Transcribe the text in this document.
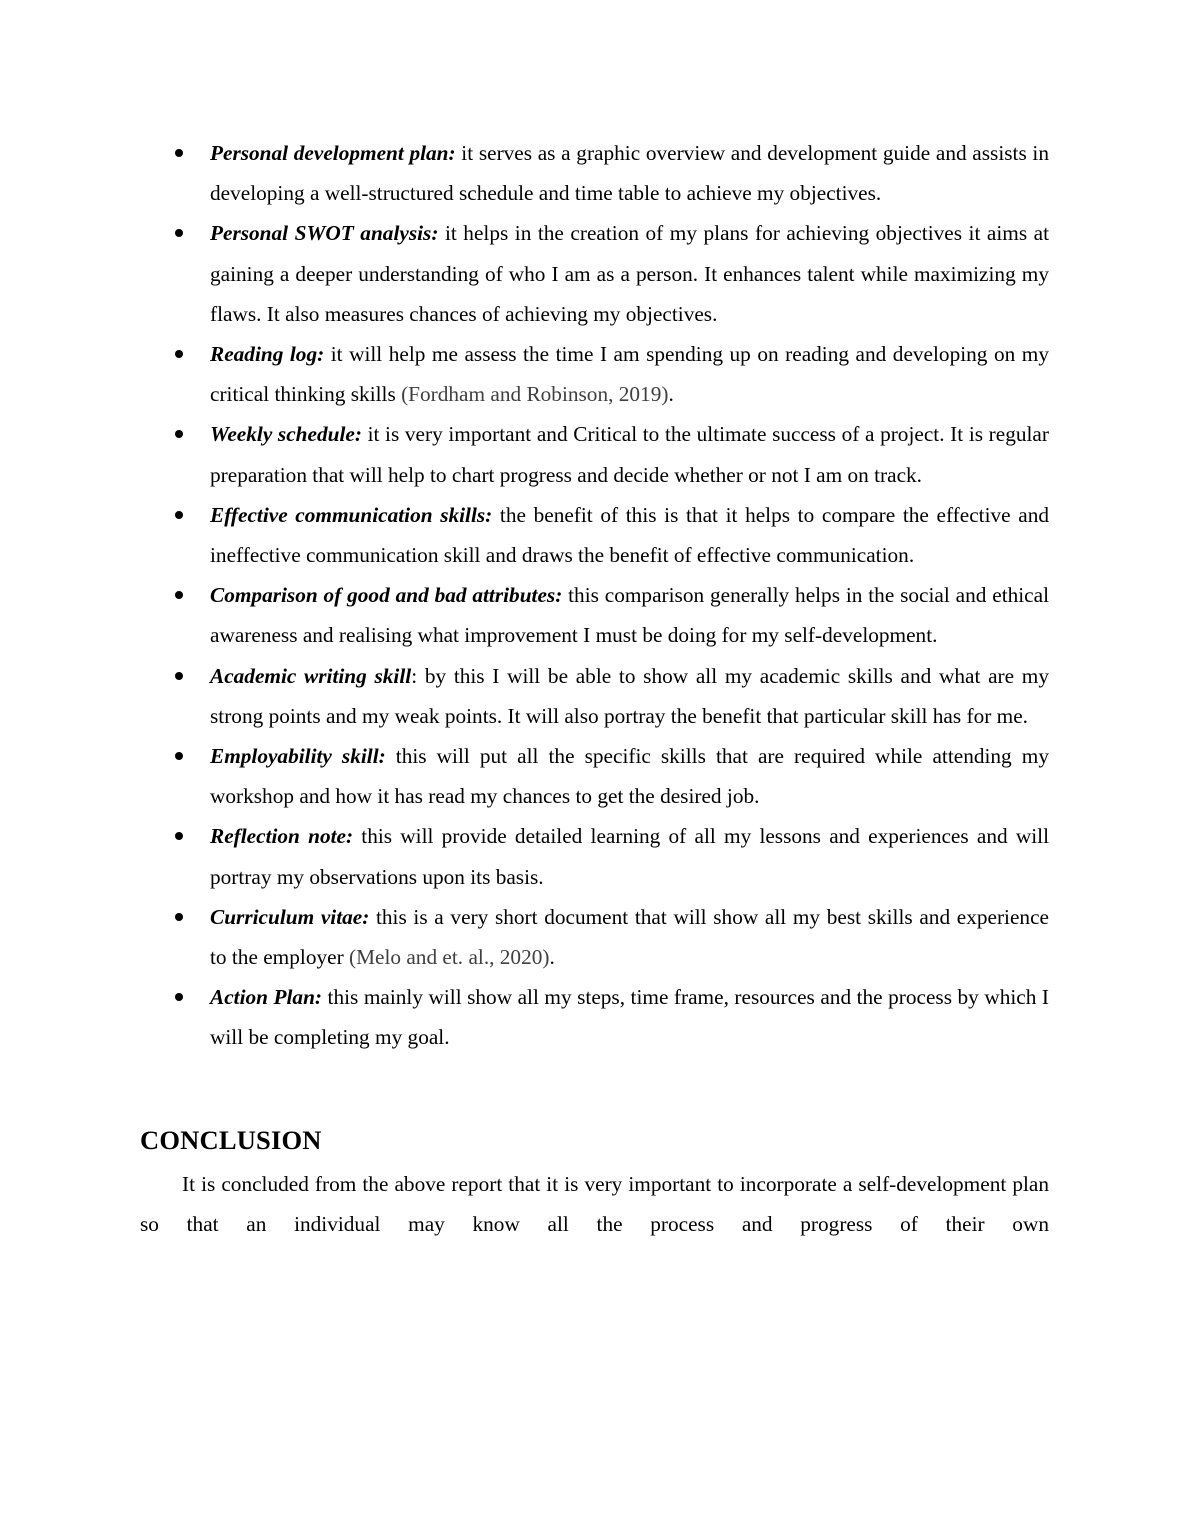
Personal development plan: it serves as a graphic overview and development guide and assists in developing a well-structured schedule and time table to achieve my objectives.
Personal SWOT analysis: it helps in the creation of my plans for achieving objectives it aims at gaining a deeper understanding of who I am as a person. It enhances talent while maximizing my flaws. It also measures chances of achieving my objectives.
Reading log: it will help me assess the time I am spending up on reading and developing on my critical thinking skills (Fordham and Robinson, 2019).
Weekly schedule: it is very important and Critical to the ultimate success of a project. It is regular preparation that will help to chart progress and decide whether or not I am on track.
Effective communication skills: the benefit of this is that it helps to compare the effective and ineffective communication skill and draws the benefit of effective communication.
Comparison of good and bad attributes: this comparison generally helps in the social and ethical awareness and realising what improvement I must be doing for my self-development.
Academic writing skill: by this I will be able to show all my academic skills and what are my strong points and my weak points. It will also portray the benefit that particular skill has for me.
Employability skill: this will put all the specific skills that are required while attending my workshop and how it has read my chances to get the desired job.
Reflection note: this will provide detailed learning of all my lessons and experiences and will portray my observations upon its basis.
Curriculum vitae: this is a very short document that will show all my best skills and experience to the employer (Melo and et. al., 2020).
Action Plan: this mainly will show all my steps, time frame, resources and the process by which I will be completing my goal.
CONCLUSION

It is concluded from the above report that it is very important to incorporate a self-development plan so that an individual may know all the process and progress of their own
